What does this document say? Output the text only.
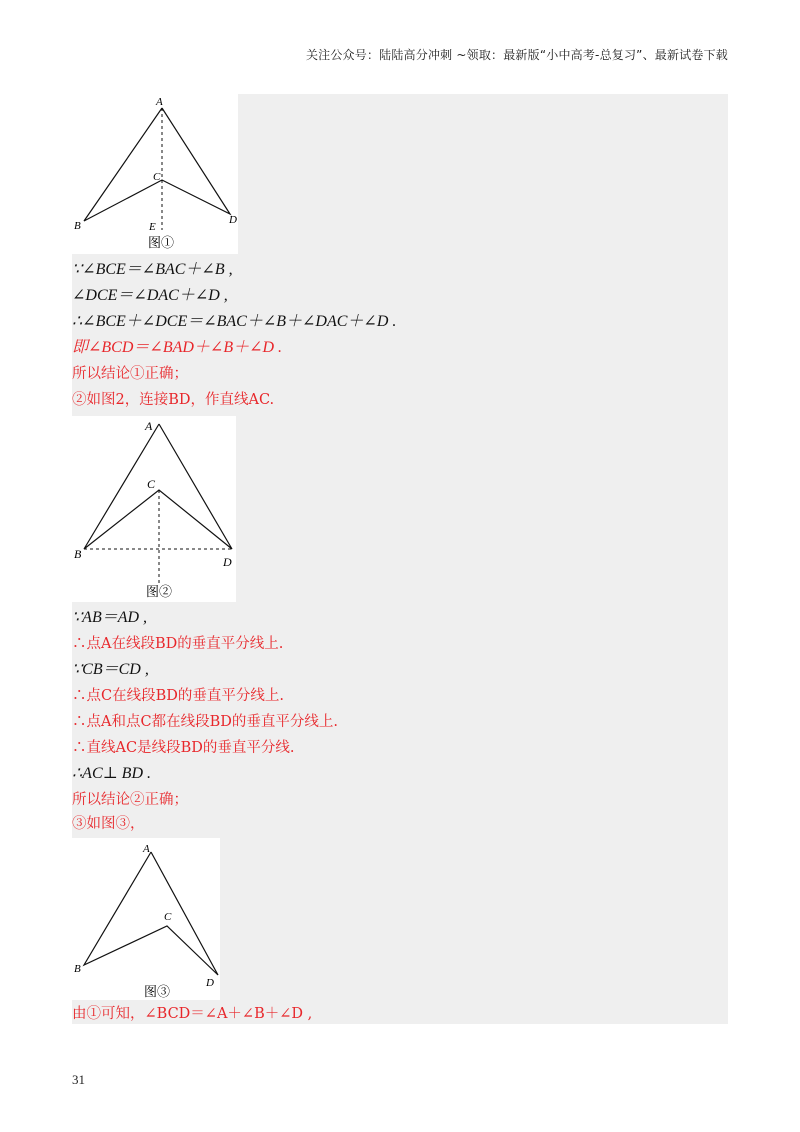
关注公众号：陆陆高分冲刺 ~领取：最新版“小中高考-总复习”、最新试卷下载
A
B
C
D
E
图①
∵∠BCE＝∠BAC＋∠B ,
∠DCE＝∠DAC＋∠D ,
∴∠BCE＋∠DCE＝∠BAC＋∠B＋∠DAC＋∠D .
即∠BCD＝∠BAD＋∠B＋∠D .
所以结论①正确；
②如图2，连接BD，作直线AC.
A
B
C
D
图②
∵AB＝AD ,
∴点A在线段BD的垂直平分线上.
∵CB＝CD ,
∴点C在线段BD的垂直平分线上.
∴点A和点C都在线段BD的垂直平分线上.
∴直线AC是线段BD的垂直平分线.
∴AC⊥ BD .
所以结论②正确；
③如图③，
A
B
C
D
图③
由①可知，∠BCD＝∠A＋∠B＋∠D ,
31
